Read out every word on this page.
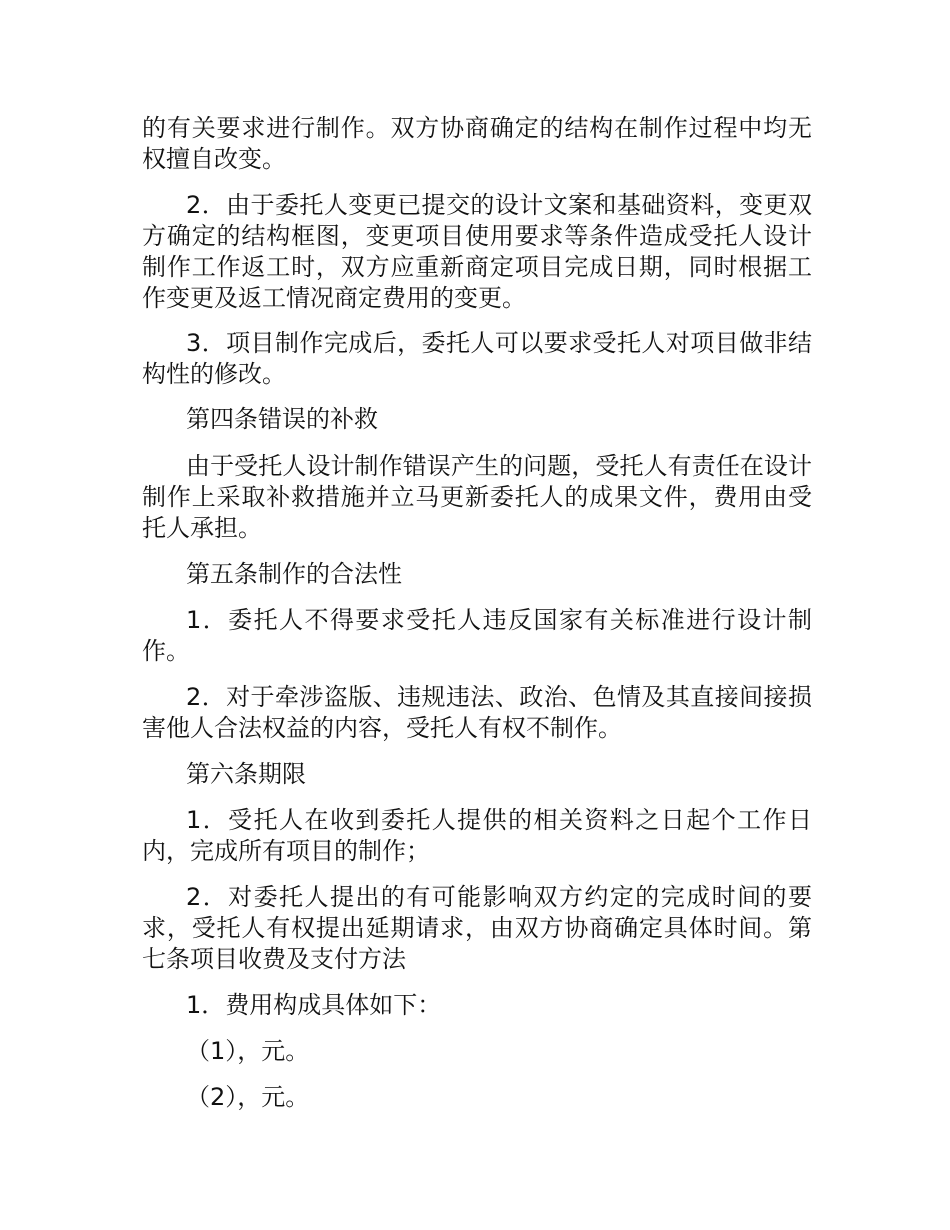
的有关要求进行制作。双方协商确定的结构在制作过程中均无权擅自改变。

2．由于委托人变更已提交的设计文案和基础资料，变更双方确定的结构框图，变更项目使用要求等条件造成受托人设计制作工作返工时，双方应重新商定项目完成日期，同时根据工作变更及返工情况商定费用的变更。

3．项目制作完成后，委托人可以要求受托人对项目做非结构性的修改。

第四条错误的补救

由于受托人设计制作错误产生的问题，受托人有责任在设计制作上采取补救措施并立马更新委托人的成果文件，费用由受托人承担。

第五条制作的合法性

1．委托人不得要求受托人违反国家有关标准进行设计制作。

2．对于牵涉盗版、违规违法、政治、色情及其直接间接损害他人合法权益的内容，受托人有权不制作。

第六条期限

1．受托人在收到委托人提供的相关资料之日起个工作日内，完成所有项目的制作；

2．对委托人提出的有可能影响双方约定的完成时间的要求，受托人有权提出延期请求，由双方协商确定具体时间。第七条项目收费及支付方法

1．费用构成具体如下：

（1），元。

（2），元。
